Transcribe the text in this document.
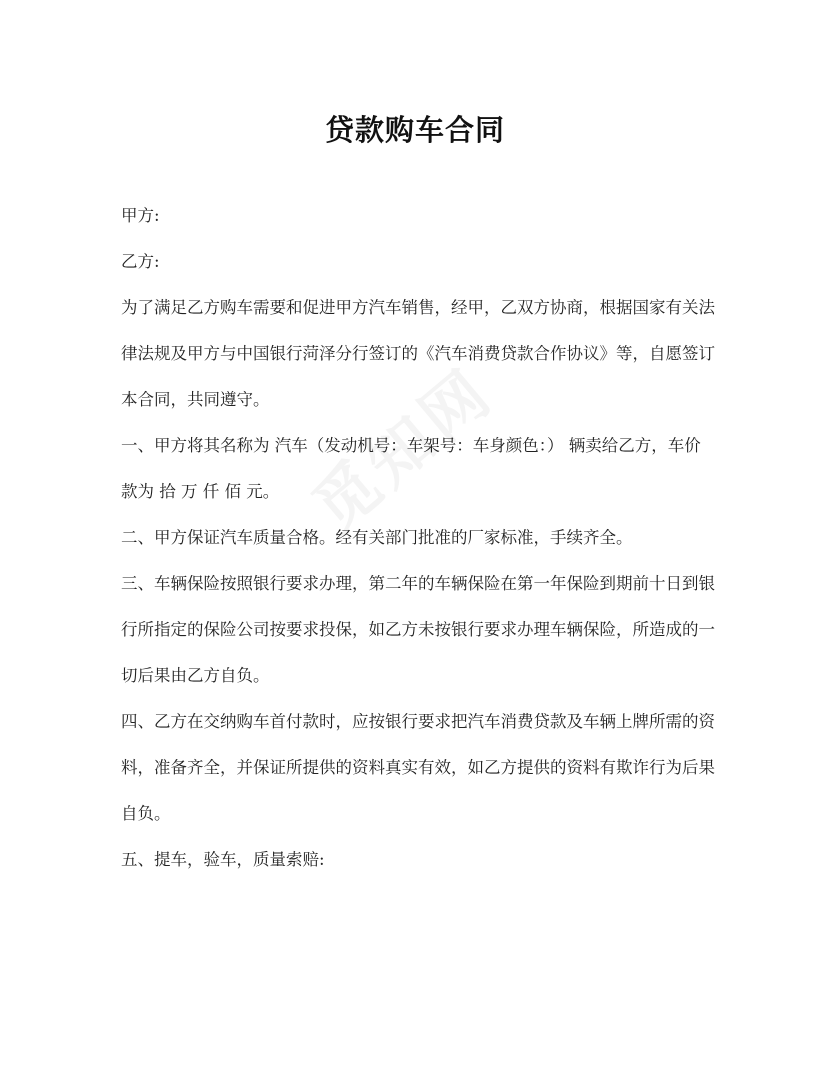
贷款购车合同
甲方:
乙方:
为了满足乙方购车需要和促进甲方汽车销售，经甲，乙双方协商，根据国家有关法
律法规及甲方与中国银行菏泽分行签订的《汽车消费贷款合作协议》等，自愿签订
本合同，共同遵守。
一、甲方将其名称为 汽车（发动机号：车架号：车身颜色：） 辆卖给乙方，车价
款为 拾 万 仟 佰 元。
二、甲方保证汽车质量合格。经有关部门批准的厂家标准，手续齐全。
三、车辆保险按照银行要求办理，第二年的车辆保险在第一年保险到期前十日到银
行所指定的保险公司按要求投保，如乙方未按银行要求办理车辆保险，所造成的一
切后果由乙方自负。
四、乙方在交纳购车首付款时，应按银行要求把汽车消费贷款及车辆上牌所需的资
料，准备齐全，并保证所提供的资料真实有效，如乙方提供的资料有欺诈行为后果
自负。
五、提车，验车，质量索赔:
